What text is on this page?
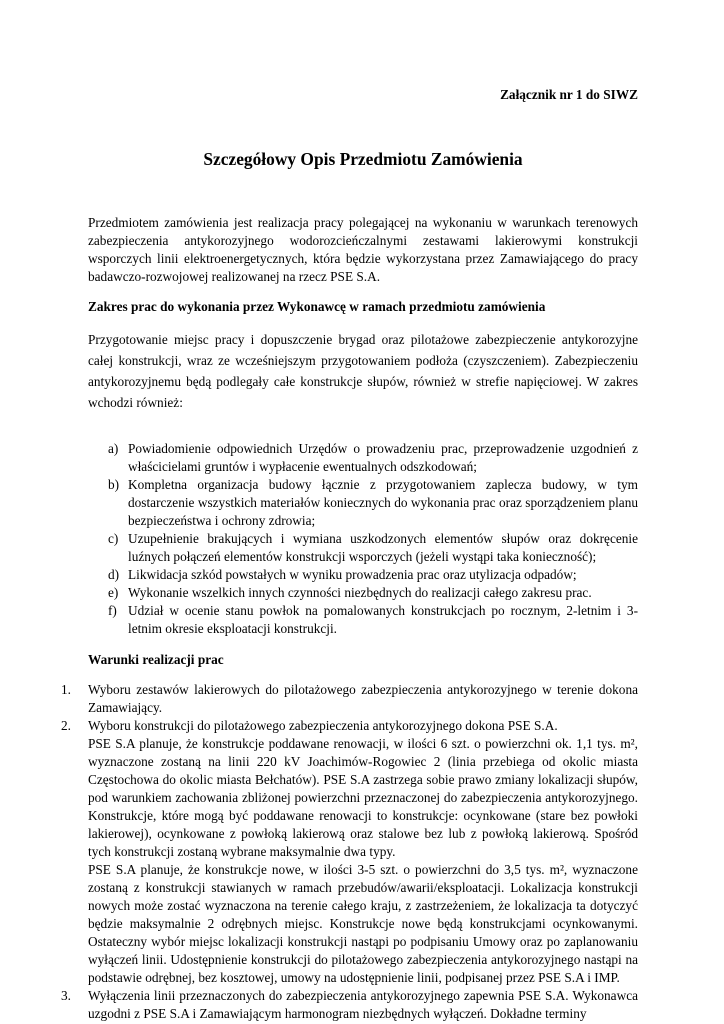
Załącznik nr 1 do SIWZ
Szczegółowy Opis Przedmiotu Zamówienia
Przedmiotem zamówienia jest realizacja pracy polegającej na wykonaniu w warunkach terenowych zabezpieczenia antykorozyjnego wodorozcieńczalnymi zestawami lakierowymi konstrukcji wsporczych linii elektroenergetycznych, która będzie wykorzystana przez Zamawiającego do pracy badawczo-rozwojowej realizowanej na rzecz PSE S.A.
Zakres prac do wykonania przez Wykonawcę w ramach przedmiotu zamówienia
Przygotowanie miejsc pracy i dopuszczenie brygad oraz pilotażowe zabezpieczenie antykorozyjne całej konstrukcji, wraz ze wcześniejszym przygotowaniem podłoża (czyszczeniem). Zabezpieczeniu antykorozyjnemu będą podlegały całe konstrukcje słupów, również w strefie napięciowej. W zakres wchodzi również:
a) Powiadomienie odpowiednich Urzędów o prowadzeniu prac, przeprowadzenie uzgodnień z właścicielami gruntów i wypłacenie ewentualnych odszkodowań;
b) Kompletna organizacja budowy łącznie z przygotowaniem zaplecza budowy, w tym dostarczenie wszystkich materiałów koniecznych do wykonania prac oraz sporządzeniem planu bezpieczeństwa i ochrony zdrowia;
c) Uzupełnienie brakujących i wymiana uszkodzonych elementów słupów oraz dokręcenie luźnych połączeń elementów konstrukcji wsporczych (jeżeli wystąpi taka konieczność);
d) Likwidacja szkód powstałych w wyniku prowadzenia prac oraz utylizacja odpadów;
e) Wykonanie wszelkich innych czynności niezbędnych do realizacji całego zakresu prac.
f) Udział w ocenie stanu powłok na pomalowanych konstrukcjach po rocznym, 2-letnim i 3-letnim okresie eksploatacji konstrukcji.
Warunki realizacji prac
1. Wyboru zestawów lakierowych do pilotażowego zabezpieczenia antykorozyjnego w terenie dokona Zamawiający.
2. Wyboru konstrukcji do pilotażowego zabezpieczenia antykorozyjnego dokona PSE S.A.
PSE S.A planuje, że konstrukcje poddawane renowacji, w ilości 6 szt. o powierzchni ok. 1,1 tys. m², wyznaczone zostaną na linii 220 kV Joachimów-Rogowiec 2 (linia przebiega od okolic miasta Częstochowa do okolic miasta Bełchatów). PSE S.A zastrzega sobie prawo zmiany lokalizacji słupów, pod warunkiem zachowania zbliżonej powierzchni przeznaczonej do zabezpieczenia antykorozyjnego. Konstrukcje, które mogą być poddawane renowacji to konstrukcje: ocynkowane (stare bez powłoki lakierowej), ocynkowane z powłoką lakierową oraz stalowe bez lub z powłoką lakierową. Spośród tych konstrukcji zostaną wybrane maksymalnie dwa typy.
PSE S.A planuje, że konstrukcje nowe, w ilości 3-5 szt. o powierzchni do 3,5 tys. m², wyznaczone zostaną z konstrukcji stawianych w ramach przebudów/awarii/eksploatacji. Lokalizacja konstrukcji nowych może zostać wyznaczona na terenie całego kraju, z zastrzeżeniem, że lokalizacja ta dotyczyć będzie maksymalnie 2 odrębnych miejsc. Konstrukcje nowe będą konstrukcjami ocynkowanymi. Ostateczny wybór miejsc lokalizacji konstrukcji nastąpi po podpisaniu Umowy oraz po zaplanowaniu wyłączeń linii. Udostępnienie konstrukcji do pilotażowego zabezpieczenia antykorozyjnego nastąpi na podstawie odrębnej, bez kosztowej, umowy na udostępnienie linii, podpisanej przez PSE S.A i IMP.
3. Wyłączenia linii przeznaczonych do zabezpieczenia antykorozyjnego zapewnia PSE S.A. Wykonawca uzgodni z PSE S.A i Zamawiającym harmonogram niezbędnych wyłączeń. Dokładne terminy
